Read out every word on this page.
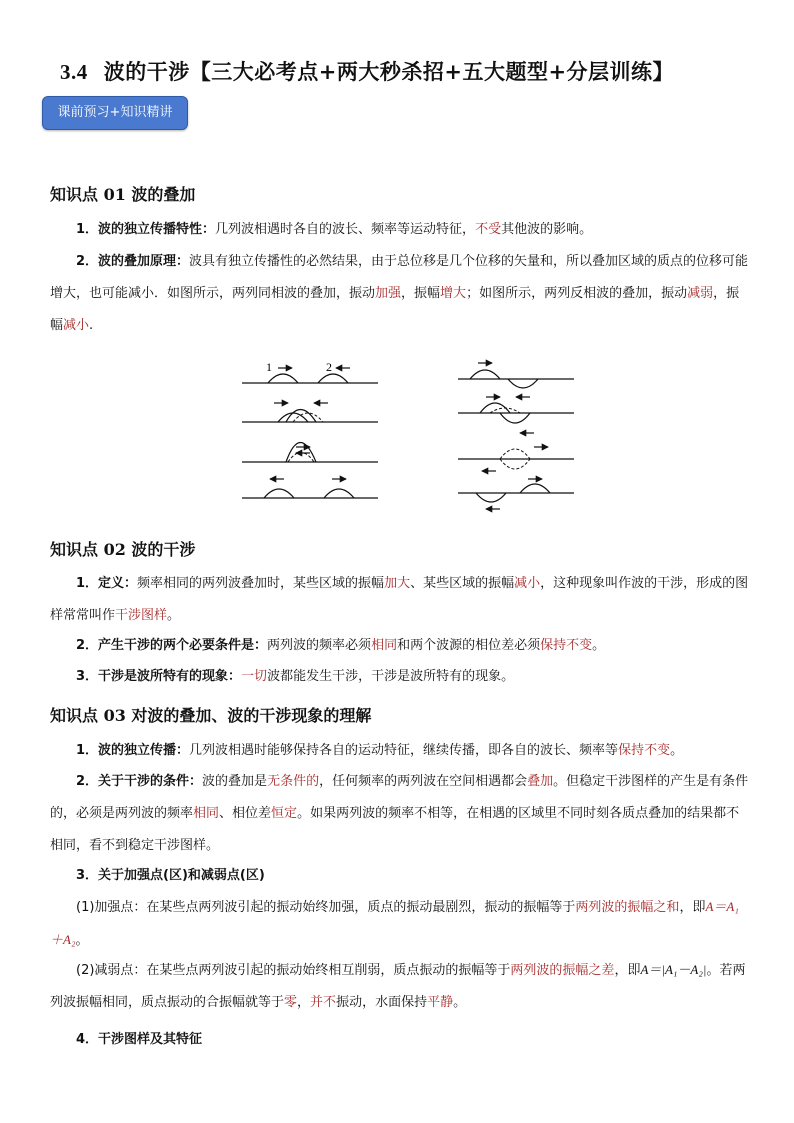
3.4 波的干涉【三大必考点+两大秒杀招+五大题型+分层训练】
课前预习+知识精讲
知识点 01 波的叠加
1．波的独立传播特性：几列波相遇时各自的波长、频率等运动特征，不受其他波的影响。
2．波的叠加原理：波具有独立传播性的必然结果，由于总位移是几个位移的矢量和，所以叠加区域的质点的位移可能增大，也可能减小．如图所示，两列同相波的叠加，振动加强，振幅增大；如图所示，两列反相波的叠加，振动减弱，振幅减小.
1	2
知识点 02 波的干涉
1．定义：频率相同的两列波叠加时，某些区域的振幅加大、某些区域的振幅减小，这种现象叫作波的干涉，形成的图样常常叫作干涉图样。
2．产生干涉的两个必要条件是：两列波的频率必须相同和两个波源的相位差必须保持不变。
3．干涉是波所特有的现象：一切波都能发生干涉，干涉是波所特有的现象。
知识点 03 对波的叠加、波的干涉现象的理解
1．波的独立传播：几列波相遇时能够保持各自的运动特征，继续传播，即各自的波长、频率等保持不变。
2．关于干涉的条件：波的叠加是无条件的，任何频率的两列波在空间相遇都会叠加。但稳定干涉图样的产生是有条件的，必须是两列波的频率相同、相位差恒定。如果两列波的频率不相等，在相遇的区域里不同时刻各质点叠加的结果都不相同，看不到稳定干涉图样。
3．关于加强点(区)和减弱点(区)
(1)加强点：在某些点两列波引起的振动始终加强，质点的振动最剧烈，振动的振幅等于两列波的振幅之和，即A＝A₁＋A₂。
(2)减弱点：在某些点两列波引起的振动始终相互削弱，质点振动的振幅等于两列波的振幅之差，即A＝|A₁－A₂|。若两列波振幅相同，质点振动的合振幅就等于零，并不振动，水面保持平静。
4．干涉图样及其特征
